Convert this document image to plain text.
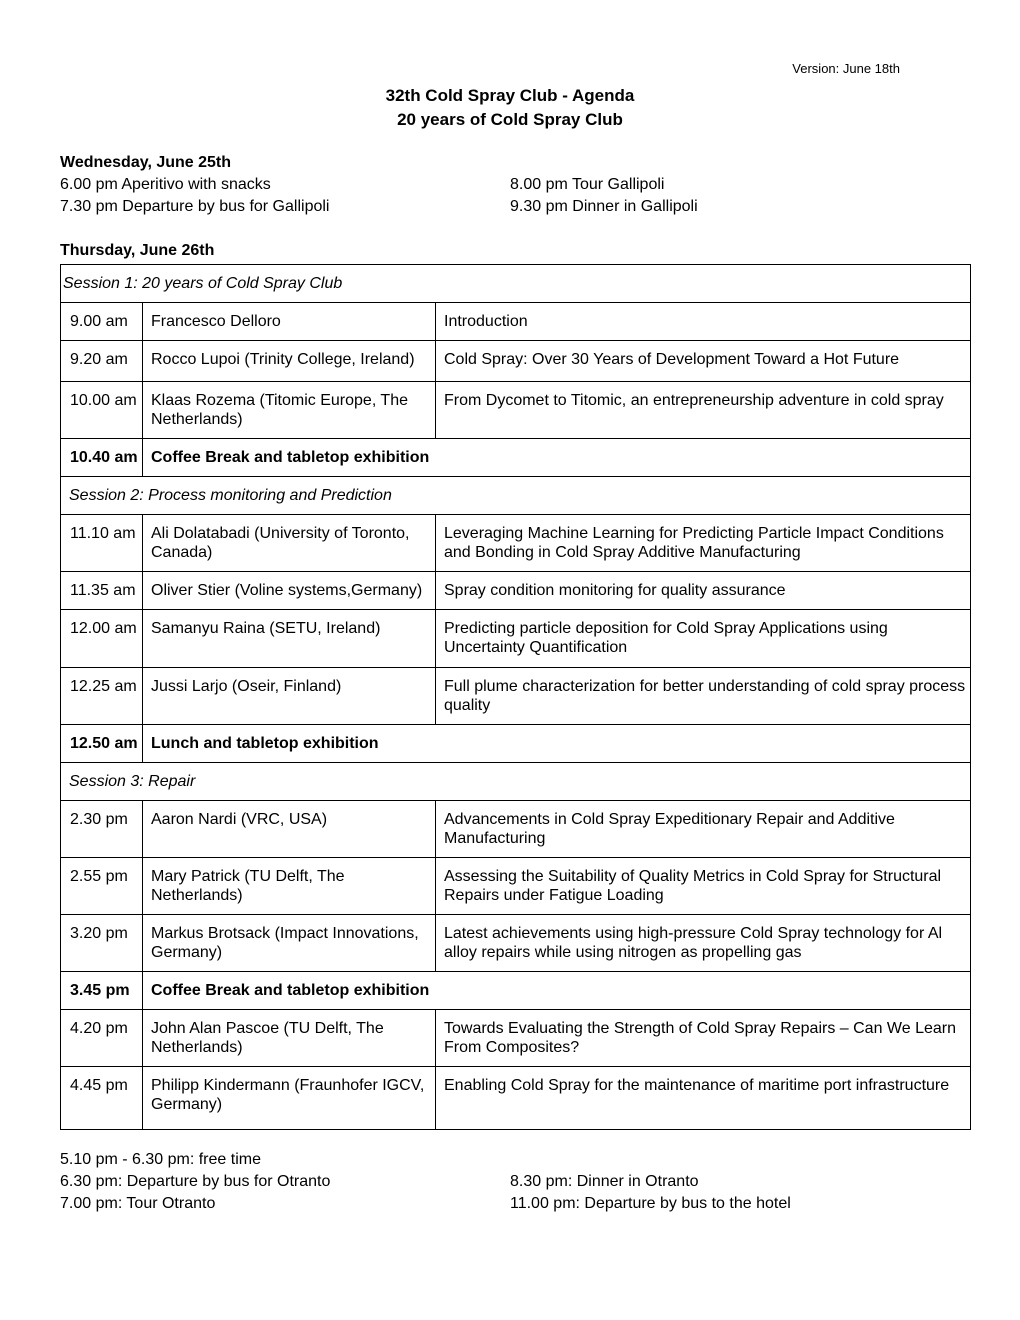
Version: June 18th
32th Cold Spray Club - Agenda
20 years of Cold Spray Club
Wednesday, June 25th
6.00 pm Aperitivo with snacks
7.30 pm Departure by bus for Gallipoli
8.00 pm Tour Gallipoli
9.30 pm Dinner in Gallipoli
Thursday, June 26th
Session 1: 20 years of Cold Spray Club		
9.00 am	Francesco Delloro	Introduction
9.20 am	Rocco Lupoi (Trinity College, Ireland)	Cold Spray: Over 30 Years of Development Toward a Hot Future
10.00 am	Klaas Rozema (Titomic Europe, The Netherlands)	From Dycomet to Titomic, an entrepreneurship adventure in cold spray
10.40 am	Coffee Break and tabletop exhibition	
Session 2: Process monitoring and Prediction		
11.10 am	Ali Dolatabadi (University of Toronto, Canada)	Leveraging Machine Learning for Predicting Particle Impact Conditions and Bonding in Cold Spray Additive Manufacturing
11.35 am	Oliver Stier (Voline systems,Germany)	Spray condition monitoring for quality assurance
12.00 am	Samanyu Raina (SETU, Ireland)	Predicting particle deposition for Cold Spray Applications using Uncertainty Quantification
12.25 am	Jussi Larjo (Oseir, Finland)	Full plume characterization for better understanding of cold spray process quality
12.50 am	Lunch and tabletop exhibition	
Session 3: Repair		
2.30 pm	Aaron Nardi (VRC, USA)	Advancements in Cold Spray Expeditionary Repair and Additive Manufacturing
2.55 pm	Mary Patrick (TU Delft, The Netherlands)	Assessing the Suitability of Quality Metrics in Cold Spray for Structural Repairs under Fatigue Loading
3.20 pm	Markus Brotsack (Impact Innovations, Germany)	Latest achievements using high-pressure Cold Spray technology for Al alloy repairs while using nitrogen as propelling gas
3.45 pm	Coffee Break and tabletop exhibition	
4.20 pm	John Alan Pascoe (TU Delft, The Netherlands)	Towards Evaluating the Strength of Cold Spray Repairs – Can We Learn From Composites?
4.45 pm	Philipp Kindermann (Fraunhofer IGCV, Germany)	Enabling Cold Spray for the maintenance of maritime port infrastructure
5.10 pm - 6.30 pm: free time
6.30 pm: Departure by bus for Otranto
7.00 pm: Tour Otranto
8.30 pm: Dinner in Otranto
11.00 pm: Departure by bus to the hotel
